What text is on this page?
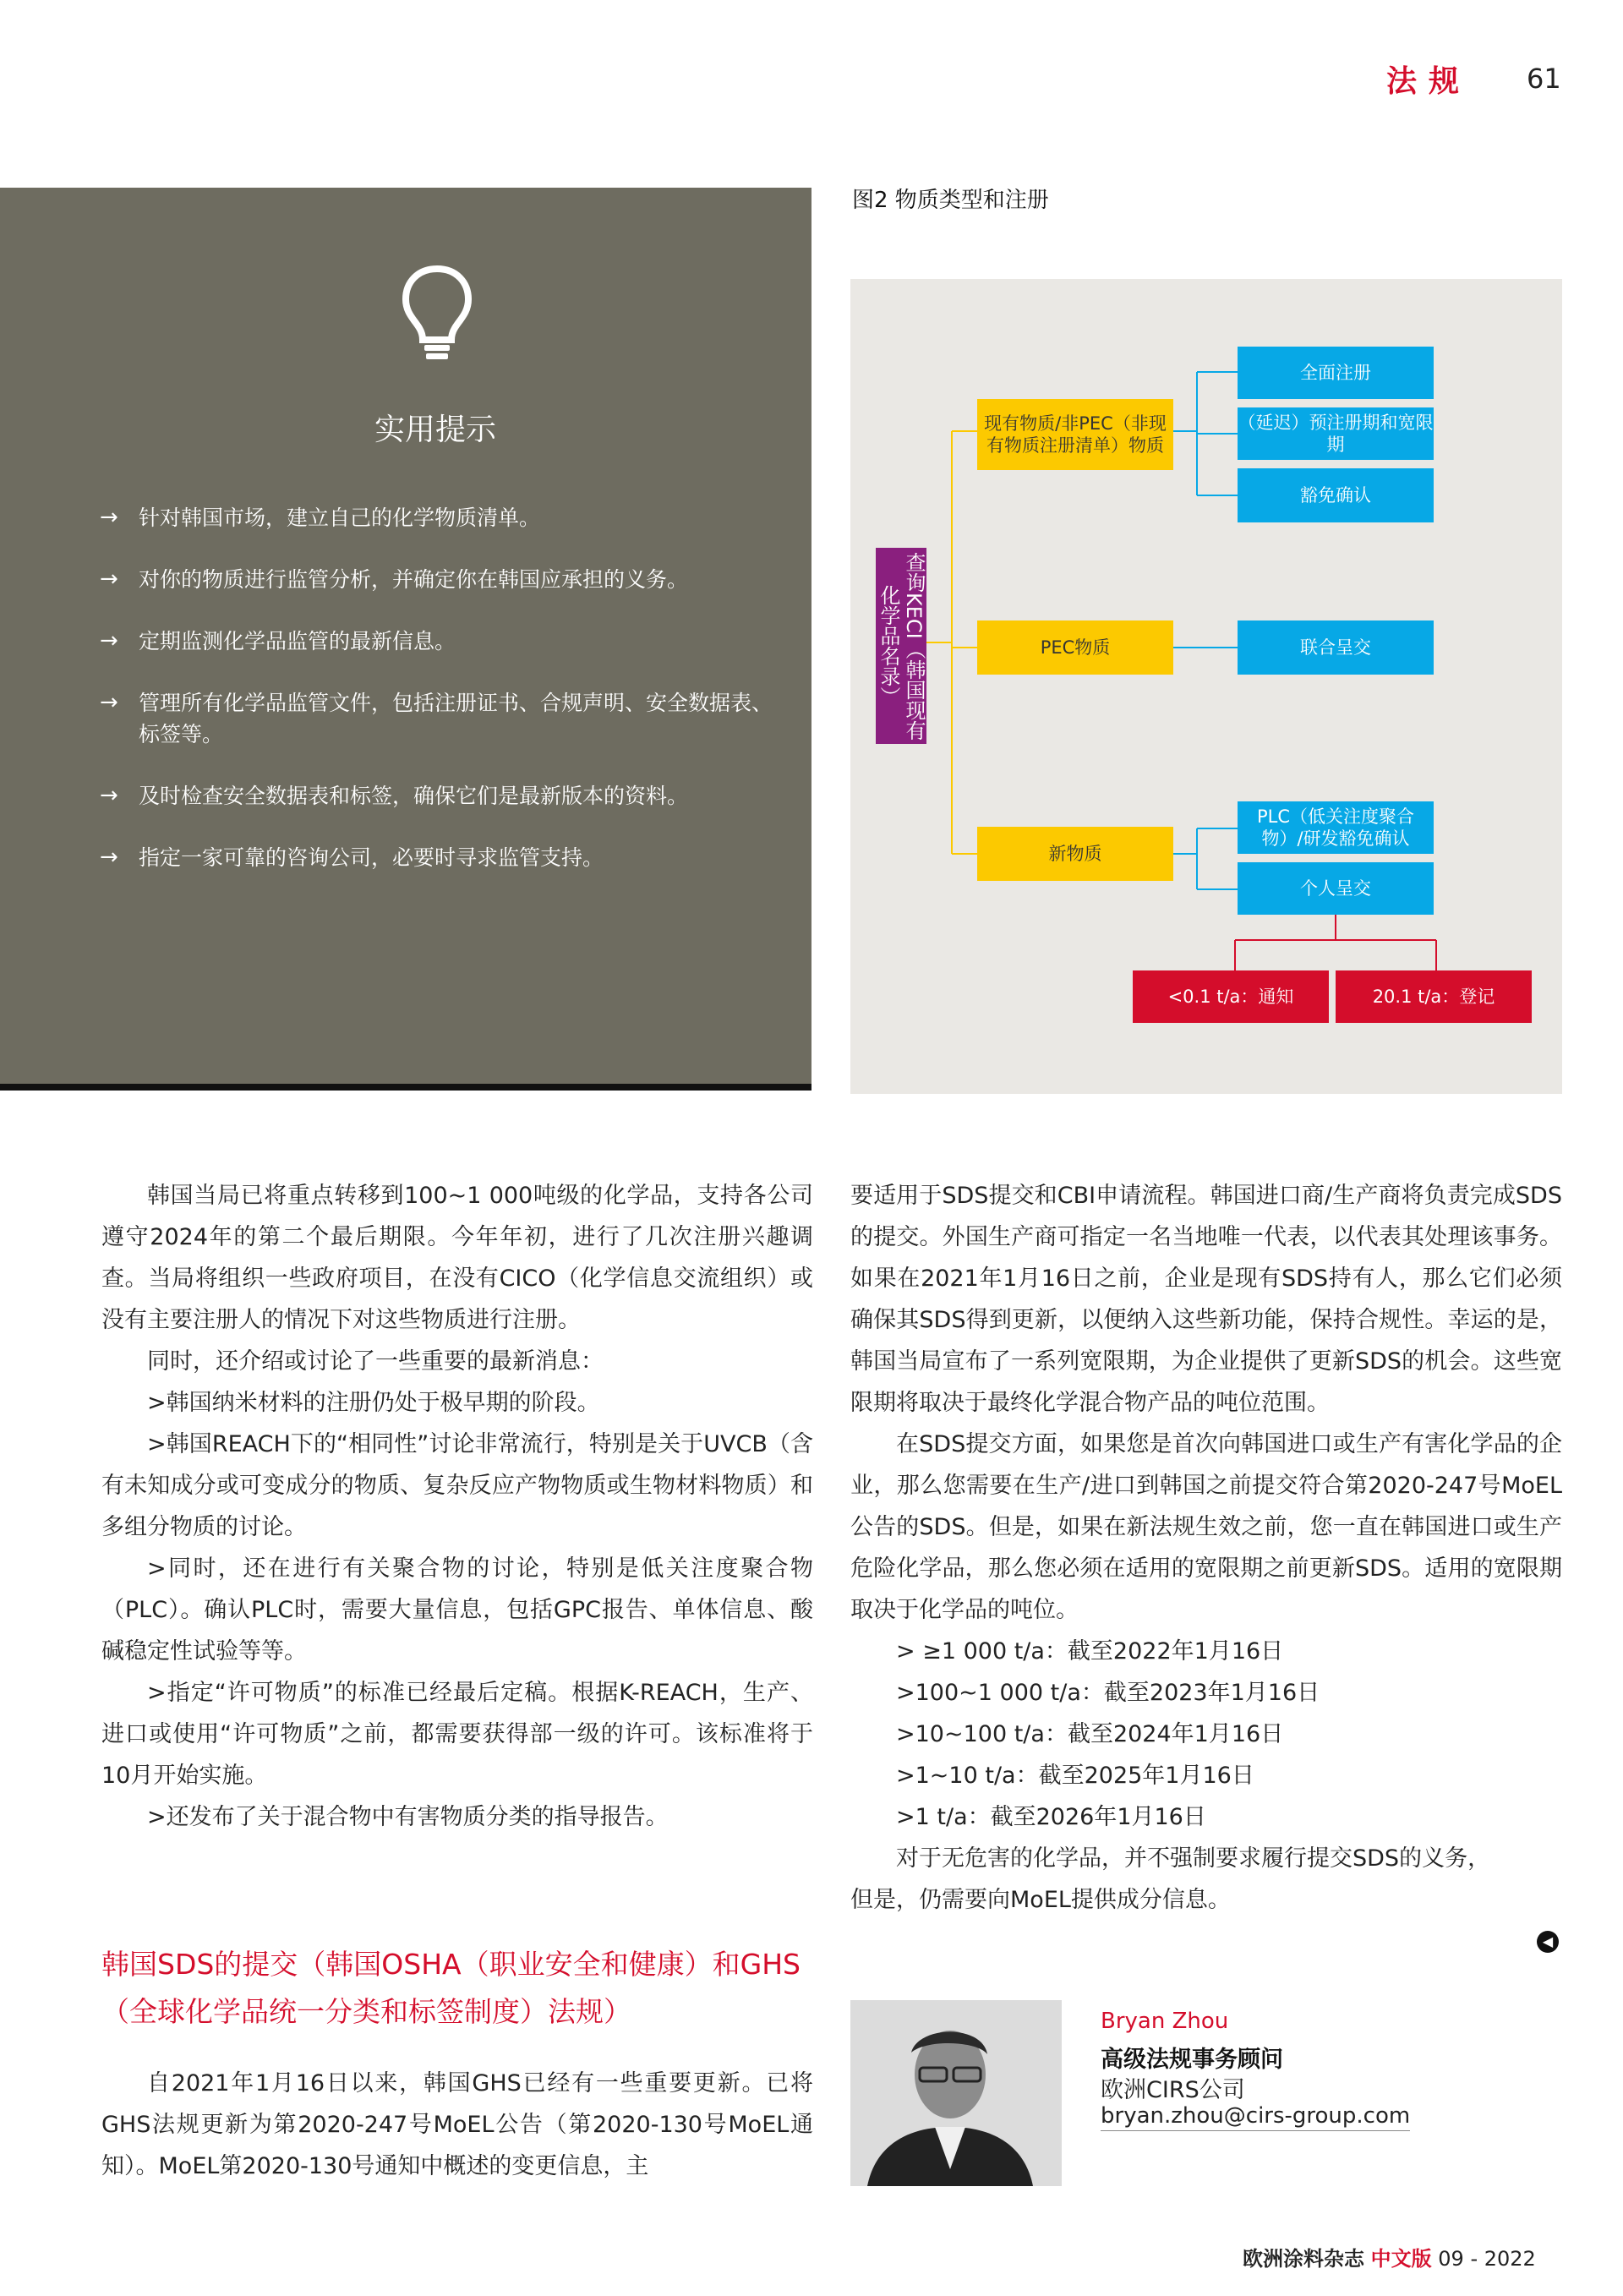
法规 61
实用提示
→ 针对韩国市场，建立自己的化学物质清单。
→ 对你的物质进行监管分析，并确定你在韩国应承担的义务。
→ 定期监测化学品监管的最新信息。
→ 管理所有化学品监管文件，包括注册证书、合规声明、安全数据表、标签等。
→ 及时检查安全数据表和标签，确保它们是最新版本的资料。
→ 指定一家可靠的咨询公司，必要时寻求监管支持。
图2 物质类型和注册
查询KECI（韩国现有化学品名录）
现有物质/非PEC（非现有物质注册清单）物质
全面注册
（延迟）预注册期和宽限期
豁免确认
PEC物质	联合呈交
新物质
PLC（低关注度聚合物）/研发豁免确认
个人呈交
<0.1 t/a：通知	20.1 t/a：登记

韩国当局已将重点转移到100~1 000吨级的化学品，支持各公司遵守2024年的第二个最后期限。今年年初，进行了几次注册兴趣调查。当局将组织一些政府项目，在没有CICO（化学信息交流组织）或没有主要注册人的情况下对这些物质进行注册。

同时，还介绍或讨论了一些重要的最新消息：

>韩国纳米材料的注册仍处于极早期的阶段。

>韩国REACH下的“相同性”讨论非常流行，特别是关于UVCB（含有未知成分或可变成分的物质、复杂反应产物物质或生物材料物质）和多组分物质的讨论。

>同时，还在进行有关聚合物的讨论，特别是低关注度聚合物（PLC）。确认PLC时，需要大量信息，包括GPC报告、单体信息、酸碱稳定性试验等等。

>指定“许可物质”的标准已经最后定稿。根据K-REACH，生产、进口或使用“许可物质”之前，都需要获得部一级的许可。该标准将于10月开始实施。

>还发布了关于混合物中有害物质分类的指导报告。

韩国SDS的提交（韩国OSHA（职业安全和健康）和GHS（全球化学品统一分类和标签制度）法规）

自2021年1月16日以来，韩国GHS已经有一些重要更新。已将GHS法规更新为第2020-247号MoEL公告（第2020-130号MoEL通知）。MoEL第2020-130号通知中概述的变更信息，主

要适用于SDS提交和CBI申请流程。韩国进口商/生产商将负责完成SDS的提交。外国生产商可指定一名当地唯一代表，以代表其处理该事务。如果在2021年1月16日之前，企业是现有SDS持有人，那么它们必须确保其SDS得到更新，以便纳入这些新功能，保持合规性。幸运的是，韩国当局宣布了一系列宽限期，为企业提供了更新SDS的机会。这些宽限期将取决于最终化学混合物产品的吨位范围。

在SDS提交方面，如果您是首次向韩国进口或生产有害化学品的企业，那么您需要在生产/进口到韩国之前提交符合第2020-247号MoEL公告的SDS。但是，如果在新法规生效之前，您一直在韩国进口或生产危险化学品，那么您必须在适用的宽限期之前更新SDS。适用的宽限期取决于化学品的吨位。

> ≥1 000 t/a：截至2022年1月16日

>100~1 000 t/a：截至2023年1月16日

>10~100 t/a：截至2024年1月16日

>1~10 t/a：截至2025年1月16日

>1 t/a：截至2026年1月16日

对于无危害的化学品，并不强制要求履行提交SDS的义务，

但是，仍需要向MoEL提供成分信息。

◀
Bryan Zhou
高级法规事务顾问
欧洲CIRS公司
bryan.zhou@cirs-group.com
欧洲涂料杂志 中文版 09 - 2022
